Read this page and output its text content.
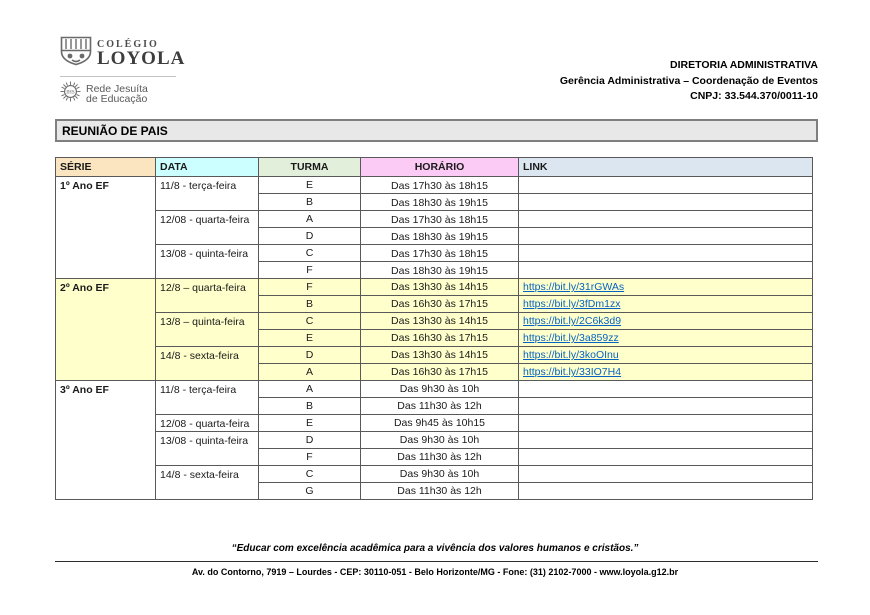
COLÉGIO
LOYOLA
IHS Rede Jesuíta
de Educação
DIRETORIA ADMINISTRATIVA
Gerência Administrativa – Coordenação de Eventos
CNPJ: 33.544.370/0011-10
REUNIÃO DE PAIS
SÉRIE	DATA	TURMA	HORÁRIO	LINK
1º Ano EF	11/8 - terça-feira	E	Das 17h30 às 18h15	
		B	Das 18h30 às 19h15	
	12/08 - quarta-feira	A	Das 17h30 às 18h15	
		D	Das 18h30 às 19h15	
	13/08 - quinta-feira	C	Das 17h30 às 18h15	
		F	Das 18h30 às 19h15	
2º Ano EF	12/8 – quarta-feira	F	Das 13h30 às 14h15	https://bit.ly/31rGWAs
		B	Das 16h30 às 17h15	https://bit.ly/3fDm1zx
	13/8 – quinta-feira	C	Das 13h30 às 14h15	https://bit.ly/2C6k3d9
		E	Das 16h30 às 17h15	https://bit.ly/3a859zz
	14/8 - sexta-feira	D	Das 13h30 às 14h15	https://bit.ly/3koOInu
		A	Das 16h30 às 17h15	https://bit.ly/33IO7H4
3º Ano EF	11/8 - terça-feira	A	Das 9h30 às 10h	
		B	Das 11h30 às 12h	
	12/08 - quarta-feira	E	Das 9h45 às 10h15	
	13/08 - quinta-feira	D	Das 9h30 às 10h	
		F	Das 11h30 às 12h	
	14/8 - sexta-feira	C	Das 9h30 às 10h	
		G	Das 11h30 às 12h	
“Educar com excelência acadêmica para a vivência dos valores humanos e cristãos.”
Av. do Contorno, 7919 – Lourdes - CEP: 30110-051 - Belo Horizonte/MG - Fone: (31) 2102-7000 - www.loyola.g12.br
